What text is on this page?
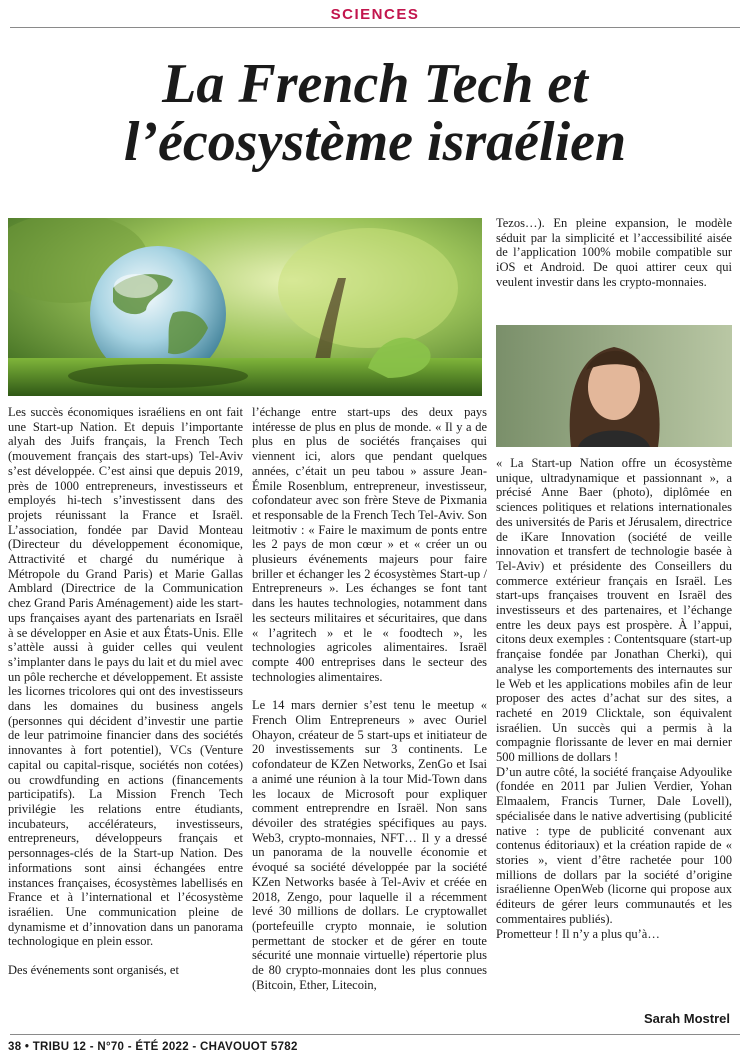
SCIENCES
La French Tech et
l’écosystème israélien

Les succès économiques israéliens en ont fait une Start-up Nation. Et depuis l’importante alyah des Juifs français, la French Tech (mouvement français des start-ups) Tel-Aviv s’est développée. C’est ainsi que depuis 2019, près de 1000 entrepreneurs, investisseurs et employés hi-tech s’investissent dans des projets réunissant la France et Israël. L’association, fondée par David Monteau (Directeur du développement économique, Attractivité et chargé du numérique à Métropole du Grand Paris) et Marie Gallas Amblard (Directrice de la Communication chez Grand Paris Aménagement) aide les start-ups françaises ayant des partenariats en Israël à se développer en Asie et aux États-Unis. Elle s’attèle aussi à guider celles qui veulent s’implanter dans le pays du lait et du miel avec un pôle recherche et développement. Et assiste les licornes tricolores qui ont des investisseurs dans les domaines du business angels (personnes qui décident d’investir une partie de leur patrimoine financier dans des sociétés innovantes à fort potentiel), VCs (Venture capital ou capital-risque, sociétés non cotées) ou crowdfunding en actions (financements participatifs). La Mission French Tech privilégie les relations entre étudiants, incubateurs, accélérateurs, investisseurs, entrepreneurs, développeurs français et personnages-clés de la Start-up Nation. Des informations sont ainsi échangées entre instances françaises, écosystèmes labellisés en France et à l’international et l’écosystème israélien. Une communication pleine de dynamisme et d’innovation dans un panorama technologique en plein essor.

Des événements sont organisés, et

l’échange entre start-ups des deux pays intéresse de plus en plus de monde. « Il y a de plus en plus de sociétés françaises qui viennent ici, alors que pendant quelques années, c’était un peu tabou » assure Jean-Émile Rosenblum, entrepreneur, investisseur, cofondateur avec son frère Steve de Pixmania et responsable de la French Tech Tel-Aviv. Son leitmotiv : « Faire le maximum de ponts entre les 2 pays de mon cœur » et « créer un ou plusieurs événements majeurs pour faire briller et échanger les 2 écosystèmes Start-up / Entrepreneurs ». Les échanges se font tant dans les hautes technologies, notamment dans les secteurs militaires et sécuritaires, que dans « l’agritech » et le « foodtech », les technologies agricoles alimentaires. Israël compte 400 entreprises dans le secteur des technologies alimentaires.

Le 14 mars dernier s’est tenu le meetup « French Olim Entrepreneurs » avec Ouriel Ohayon, créateur de 5 start-ups et initiateur de 20 investissements sur 3 continents. Le cofondateur de KZen Networks, ZenGo et Isai a animé une réunion à la tour Mid-Town dans les locaux de Microsoft pour expliquer comment entreprendre en Israël. Non sans dévoiler des stratégies spécifiques au pays. Web3, crypto-monnaies, NFT… Il y a dressé un panorama de la nouvelle économie et évoqué sa société développée par la société KZen Networks basée à Tel-Aviv et créée en 2018, Zengo, pour laquelle il a récemment levé 30 millions de dollars. Le cryptowallet (portefeuille crypto monnaie, ie solution permettant de stocker et de gérer en toute sécurité une monnaie virtuelle) répertorie plus de 80 crypto-monnaies dont les plus connues (Bitcoin, Ether, Litecoin,

Tezos…). En pleine expansion, le modèle séduit par la simplicité et l’accessibilité aisée de l’application 100% mobile compatible sur iOS et Android. De quoi attirer ceux qui veulent investir dans les crypto-monnaies.

« La Start-up Nation offre un écosystème unique, ultradynamique et passionnant », a précisé Anne Baer (photo), diplômée en sciences politiques et relations internationales des universités de Paris et Jérusalem, directrice de iKare Innovation (société de veille innovation et transfert de technologie basée à Tel-Aviv) et présidente des Conseillers du commerce extérieur français en Israël. Les start-ups françaises trouvent en Israël des investisseurs et des partenaires, et l’échange entre les deux pays est prospère. À l’appui, citons deux exemples : Contentsquare (start-up française fondée par Jonathan Cherki), qui analyse les comportements des internautes sur le Web et les applications mobiles afin de leur proposer des actes d’achat sur des sites, a racheté en 2019 Clicktale, son équivalent israélien. Un succès qui a permis à la compagnie florissante de lever en mai dernier 500 millions de dollars !

D’un autre côté, la société française Adyoulike (fondée en 2011 par Julien Verdier, Yohan Elmaalem, Francis Turner, Dale Lovell), spécialisée dans le native advertising (publicité native : type de publicité convenant aux contenus éditoriaux) et la création rapide de « stories », vient d’être rachetée pour 100 millions de dollars par la société d’origine israélienne OpenWeb (licorne qui propose aux éditeurs de gérer leurs communautés et les commentaires publiés).

Prometteur ! Il n’y a plus qu’à…

Sarah Mostrel
38 • TRIBU 12 - N°70 - ÉTÉ 2022 - CHAVOUOT 5782
